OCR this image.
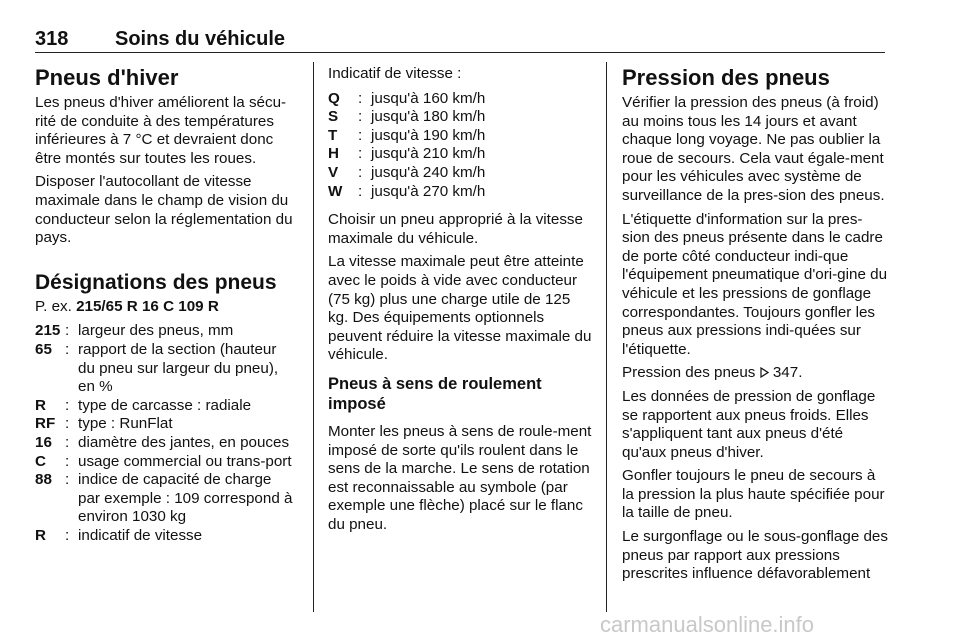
318 Soins du véhicule
Pneus d'hiver
Les pneus d'hiver améliorent la sécu-rité de conduite à des températures inférieures à 7 °C et devraient donc être montés sur toutes les roues.
Disposer l'autocollant de vitesse maximale dans le champ de vision du conducteur selon la réglementation du pays.
Désignations des pneus
P. ex. 215/65 R 16 C 109 R
215 : largeur des pneus, mm
65 : rapport de la section (hauteur du pneu sur largeur du pneu), en %
R	: type de carcasse : radiale
RF : type : RunFlat
16 : diamètre des jantes, en pouces
C	: usage commercial ou trans-port
88 : indice de capacité de charge par exemple : 109 correspond à environ 1030 kg
R	: indicatif de vitesse
Indicatif de vitesse :
Q	: jusqu'à 160 km/h
S	: jusqu'à 180 km/h
T	: jusqu'à 190 km/h
H	: jusqu'à 210 km/h
V	: jusqu'à 240 km/h
W	: jusqu'à 270 km/h
Choisir un pneu approprié à la vitesse maximale du véhicule.
La vitesse maximale peut être atteinte avec le poids à vide avec conducteur (75 kg) plus une charge utile de 125 kg. Des équipements optionnels peuvent réduire la vitesse maximale du véhicule.
Pneus à sens de roulement imposé
Monter les pneus à sens de roule-ment imposé de sorte qu'ils roulent dans le sens de la marche. Le sens de rotation est reconnaissable au symbole (par exemple une flèche) placé sur le flanc du pneu.
Pression des pneus
Vérifier la pression des pneus (à froid) au moins tous les 14 jours et avant chaque long voyage. Ne pas oublier la roue de secours. Cela vaut égale-ment pour les véhicules avec système de surveillance de la pres-sion des pneus.
L'étiquette d'information sur la pres-sion des pneus présente dans le cadre de porte côté conducteur indi-que l'équipement pneumatique d'ori-gine du véhicule et les pressions de gonflage correspondantes. Toujours gonfler les pneus aux pressions indi-quées sur l'étiquette.
Pression des pneus  347.
Les données de pression de gonflage se rapportent aux pneus froids. Elles s'appliquent tant aux pneus d'été qu'aux pneus d'hiver.
Gonfler toujours le pneu de secours à la pression la plus haute spécifiée pour la taille de pneu.
Le surgonflage ou le sous-gonflage des pneus par rapport aux pressions prescrites influence défavorablement
carmanualsonline.info
